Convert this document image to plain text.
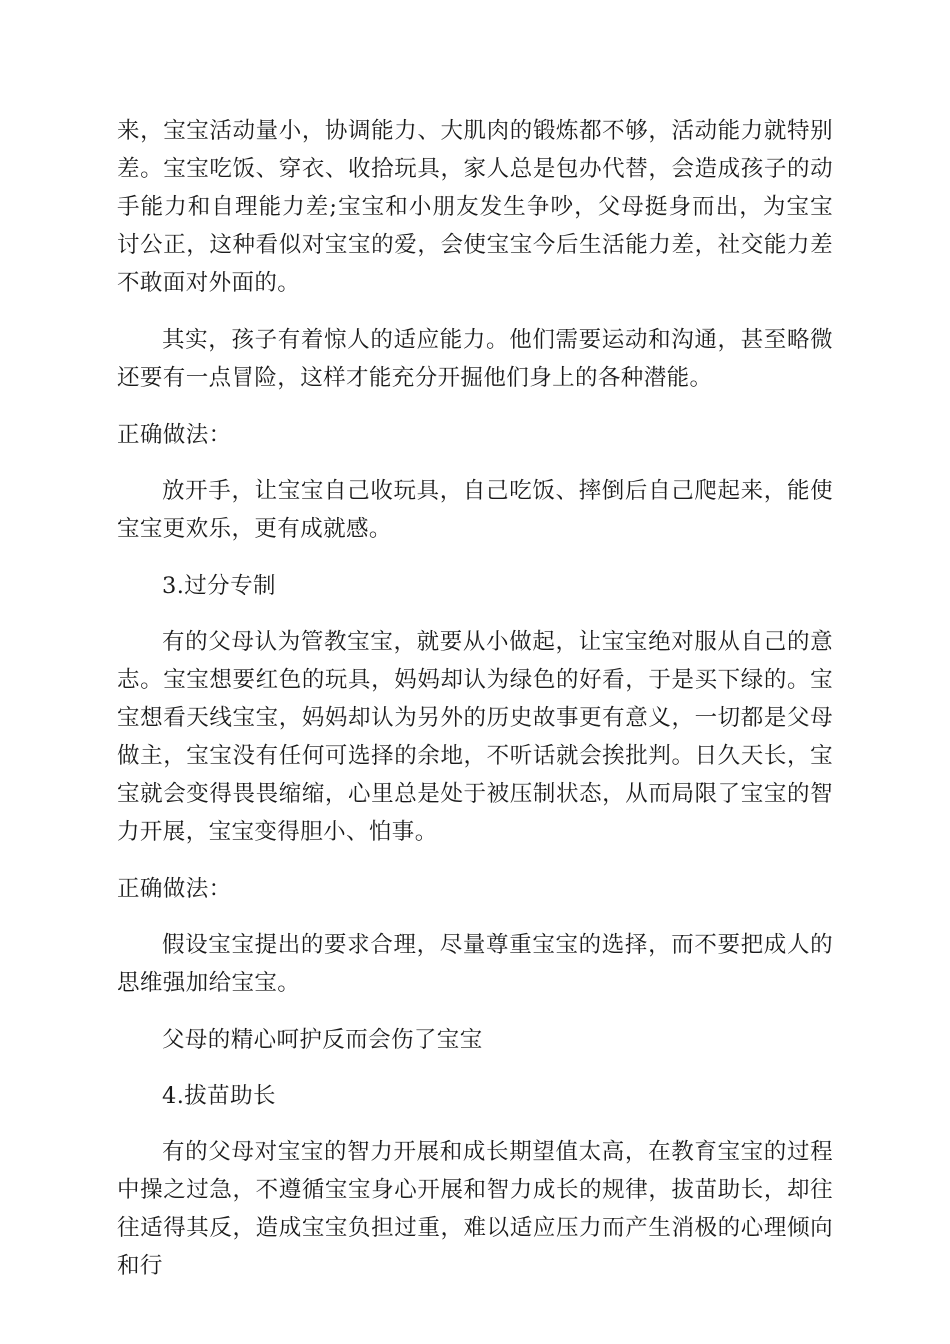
来，宝宝活动量小，协调能力、大肌肉的锻炼都不够，活动能力就特别差。宝宝吃饭、穿衣、收拾玩具，家人总是包办代替，会造成孩子的动手能力和自理能力差;宝宝和小朋友发生争吵，父母挺身而出，为宝宝讨公正，这种看似对宝宝的爱，会使宝宝今后生活能力差，社交能力差不敢面对外面的。

其实，孩子有着惊人的适应能力。他们需要运动和沟通，甚至略微还要有一点冒险，这样才能充分开掘他们身上的各种潜能。

正确做法：

放开手，让宝宝自己收玩具，自己吃饭、摔倒后自己爬起来，能使宝宝更欢乐，更有成就感。

3.过分专制

有的父母认为管教宝宝，就要从小做起，让宝宝绝对服从自己的意志。宝宝想要红色的玩具，妈妈却认为绿色的好看，于是买下绿的。宝宝想看天线宝宝，妈妈却认为另外的历史故事更有意义，一切都是父母做主，宝宝没有任何可选择的余地，不听话就会挨批判。日久天长，宝宝就会变得畏畏缩缩，心里总是处于被压制状态，从而局限了宝宝的智力开展，宝宝变得胆小、怕事。

正确做法：

假设宝宝提出的要求合理，尽量尊重宝宝的选择，而不要把成人的思维强加给宝宝。

父母的精心呵护反而会伤了宝宝

4.拔苗助长

有的父母对宝宝的智力开展和成长期望值太高，在教育宝宝的过程中操之过急，不遵循宝宝身心开展和智力成长的规律，拔苗助长，却往往适得其反，造成宝宝负担过重，难以适应压力而产生消极的心理倾向和行
